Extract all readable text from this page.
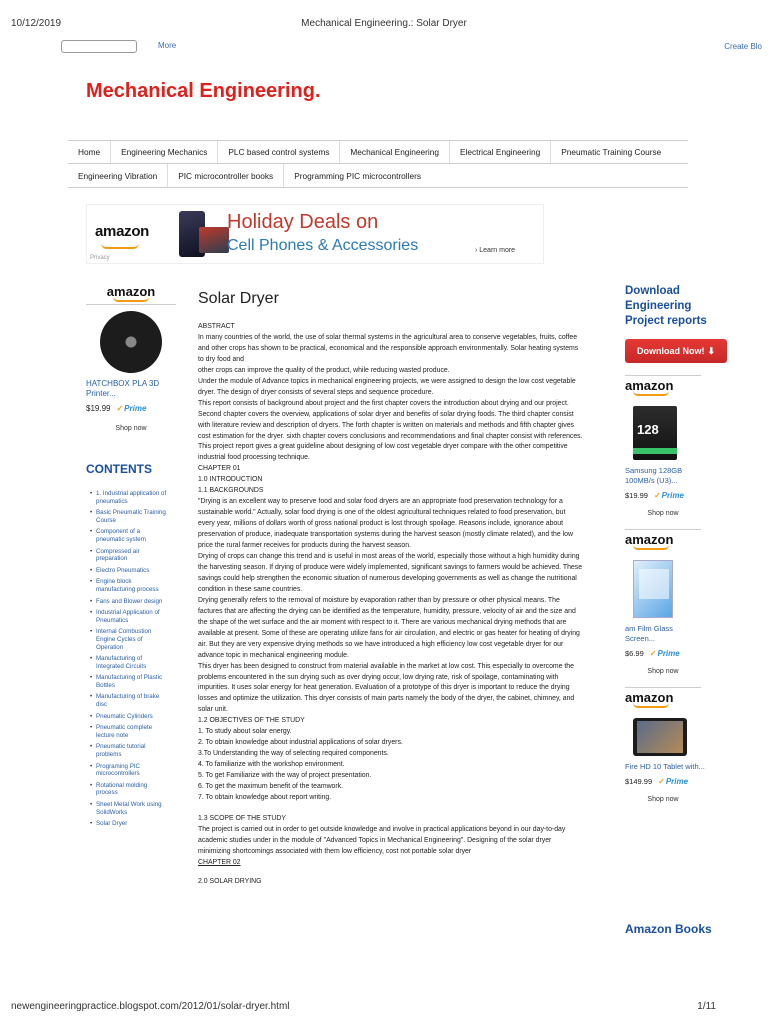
10/12/2019	Mechanical Engineering.: Solar Dryer
More	Create Blo
Mechanical Engineering.
Home	Engineering Mechanics	PLC based control systems	Mechanical Engineering	Electrical Engineering	Pneumatic Training Course
Engineering Vibration	PIC microcontroller books	Programming PIC microcontrollers
amazon
Privacy
Holiday Deals on
Cell Phones & Accessories	› Learn more
amazon
HATCHBOX PLA 3D Printer...
$19.99	✓ Prime
Shop now
CONTENTS
• 1. Industrial application of pneumatics
• Basic Pneumatic Training Course
• Component of a pneumatic system
• Compressed air preparation
• Electro Pneumatics
• Engine block manufacturing process
• Fans and Blower design
• Industrial Application of Pneumatics
• Internal Combustion Engine Cycles of Operation
• Manufacturing of Integrated Circuits
• Manufacturing of Plastic Bottles
• Manufacturing of brake disc
• Pneumatic Cylinders
• Pneumatic complete lecture note
• Pneumatic tutorial problems
• Programing PIC microcontrollers
• Rotational molding process
• Sheet Metal Work using SolidWorks
• Solar Dryer
Solar Dryer

ABSTRACT

In many countries of the world, the use of solar thermal systems in the agricultural area to conserve vegetables, fruits, coffee and other crops has shown to be practical, economical and the responsible approach environmentally. Solar heating systems to dry food and

other crops can improve the quality of the product, while reducing wasted produce.

Under the module of Advance topics in mechanical engineering projects, we were assigned to design the low cost vegetable dryer. The design of dryer consists of several steps and sequence procedure.

This report consists of background about project and the first chapter covers the introduction about drying and our project. Second chapter covers the overview, applications of solar dryer and benefits of solar drying foods. The third chapter consist with literature review and description of dryers. The forth chapter is written on materials and methods and fifth chapter gives cost estimation for the dryer. sixth chapter covers conclusions and recommendations and final chapter consist with references.

This project report gives a great guideline about designing of low cost vegetable dryer compare with the other competitive industrial food processing technique.

CHAPTER 01

1.0 INTRODUCTION

1.1 BACKGROUNDS

"Drying is an excellent way to preserve food and solar food dryers are an appropriate food preservation technology for a sustainable world." Actually, solar food drying is one of the oldest agricultural techniques related to food preservation, but every year, millions of dollars worth of gross national product is lost through spoilage. Reasons include, ignorance about preservation of produce, inadequate transportation systems during the harvest season (mostly climate related), and the low price the rural farmer receives for products during the harvest season.

Drying of crops can change this trend and is useful in most areas of the world, especially those without a high humidity during the harvesting season. If drying of produce were widely implemented, significant savings to farmers would be achieved. These savings could help strengthen the economic situation of numerous developing governments as well as change the nutritional condition in these same countries.

Drying generally refers to the removal of moisture by evaporation rather than by pressure or other physical means. The factures that are affecting the drying can be identified as the temperature, humidity, pressure, velocity of air and the size and the shape of the wet surface and the air moment with respect to it. There are various mechanical drying methods that are available at present. Some of these are operating utilize fans for air circulation, and electric or gas heater for heating of drying air. But they are very expensive drying methods so we have introduced a high efficiency low cost vegetable dryer for our advance topic in mechanical engineering module.

This dryer has been designed to construct from material available in the market at low cost. This especially to overcome the problems encountered in the sun drying such as over drying occur, low drying rate, risk of spoilage, contaminating with impurities. It uses solar energy for heat generation. Evaluation of a prototype of this dryer is important to reduce the drying losses and optimize the utilization. This dryer consists of main parts namely the body of the dryer, the cabinet, chimney, and solar unit.

1.2 OBJECTIVES OF THE STUDY

1. To study about solar energy.

2. To obtain knowledge about industrial applications of solar dryers.

3.To Understanding the way of selecting required components.

4. To familiarize with the workshop environment.

5. To get Familiarize with the way of project presentation.

6. To get the maximum benefit of the teamwork.

7. To obtain knowledge about report writing.

1.3 SCOPE OF THE STUDY

The project is carried out in order to get outside knowledge and involve in practical applications beyond in our day-to-day academic studies under in the module of "Advanced Topics in Mechanical Engineering". Designing of the solar dryer minimizing shortcomings associated with them low efficiency, cost not portable solar dryer

CHAPTER 02

2.0 SOLAR DRYING

Download Engineering Project reports
Download Now! ⬇
amazon
128
Samsung 128GB 100MB/s (U3)...
$19.99	✓ Prime
Shop now
amazon
am Film Glass Screen...
$6.99	✓ Prime
Shop now
amazon
Fire HD 10 Tablet with...
$149.99	✓ Prime
Shop now
Amazon Books
newengineeringpractice.blogspot.com/2012/01/solar-dryer.html	1/11
